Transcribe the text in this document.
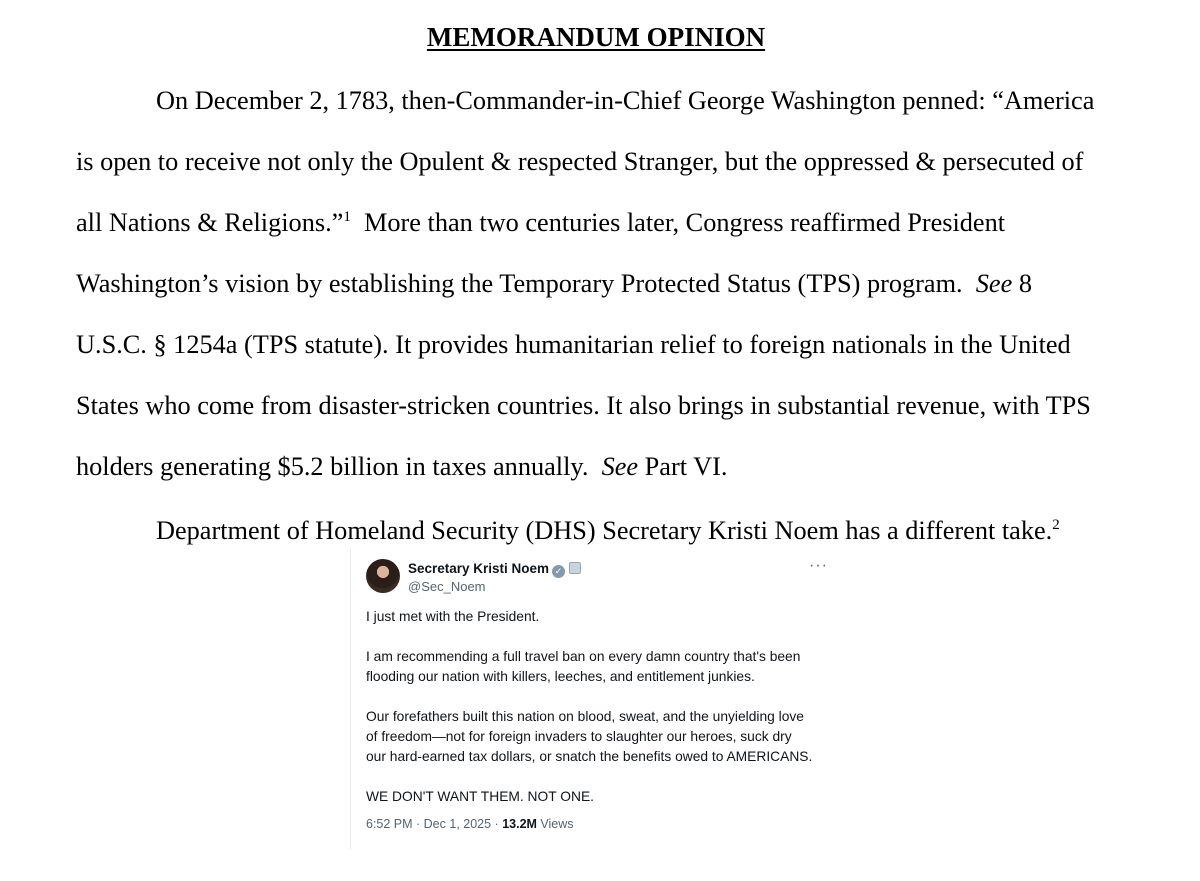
MEMORANDUM OPINION
On December 2, 1783, then-Commander-in-Chief George Washington penned: “America
is open to receive not only the Opulent & respected Stranger, but the oppressed & persecuted of
all Nations & Religions.”$^1$ More than two centuries later, Congress reaffirmed President
Washington’s vision by establishing the Temporary Protected Status (TPS) program. See 8
U.S.C. § 1254a (TPS statute). It provides humanitarian relief to foreign nationals in the United
States who come from disaster-stricken countries. It also brings in substantial revenue, with TPS
holders generating $5.2 billion in taxes annually. See Part VI.
Department of Homeland Security (DHS) Secretary Kristi Noem has a different take.$^2$
Secretary Kristi Noem ✓
@Sec_Noem
···

I just met with the President.

I am recommending a full travel ban on every damn country that's been
flooding our nation with killers, leeches, and entitlement junkies.

Our forefathers built this nation on blood, sweat, and the unyielding love
of freedom—not for foreign invaders to slaughter our heroes, suck dry
our hard-earned tax dollars, or snatch the benefits owed to AMERICANS.

WE DON'T WANT THEM. NOT ONE.

6:52 PM · Dec 1, 2025 · 13.2M Views
